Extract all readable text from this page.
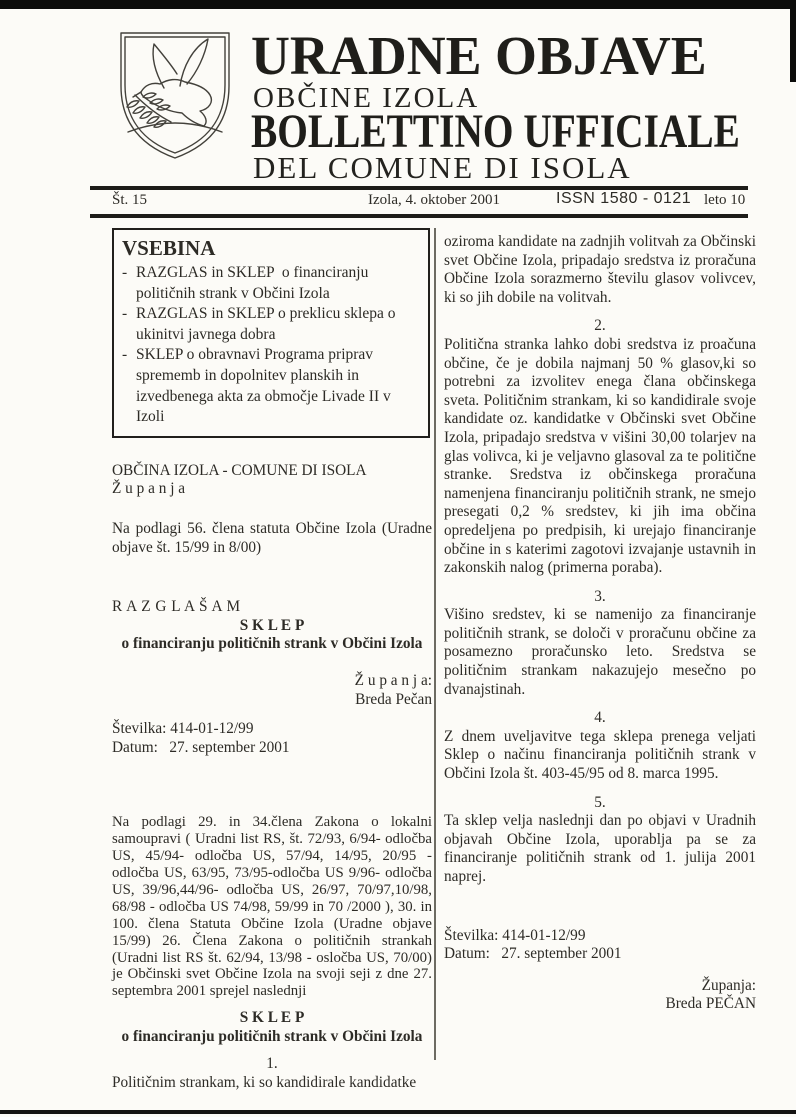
URADNE OBJAVE
OBČINE IZOLA
BOLLETTINO UFFICIALE
DEL COMUNE DI ISOLA
Št. 15	Izola, 4. oktober 2001	ISSN 1580 - 0121 leto 10
VSEBINA
- RAZGLAS in SKLEP  o financiranju političnih strank v Občini Izola
- RAZGLAS in SKLEP o preklicu sklepa o ukinitvi javnega dobra
- SKLEP o obravnavi Programa priprav sprememb in dopolnitev planskih in izvedbenega akta za območje Livade II v Izoli

OBČINA IZOLA - COMUNE DI ISOLA

Ž u p a n j a

Na podlagi 56. člena statuta Občine Izola (Uradne objave št. 15/99 in 8/00)

R A Z G L A Š A M

S K L E P

o financiranju političnih strank v Občini Izola

Ž u p a n j a:

Breda Pečan

Številka: 414-01-12/99

Datum:   27. september 2001

Na podlagi 29. in 34.člena Zakona o lokalni samoupravi ( Uradni list RS, št. 72/93, 6/94- odločba US, 45/94- odločba US, 57/94, 14/95, 20/95 - odločba US, 63/95, 73/95-odločba US 9/96- odločba US, 39/96,44/96- odločba US, 26/97, 70/97,10/98, 68/98 - odločba US 74/98, 59/99 in 70 /2000 ), 30. in 100. člena Statuta Občine Izola (Uradne objave 15/99) 26. Člena Zakona o političnih strankah (Uradni list RS št. 62/94, 13/98 - osločba US, 70/00) je Občinski svet Občine Izola na svoji seji z dne 27. septembra 2001 sprejel naslednji

S K L E P

o financiranju političnih strank v Občini Izola

1.

Političnim strankam, ki so kandidirale kandidatke

oziroma kandidate na zadnjih volitvah za Občinski svet Občine Izola, pripadajo sredstva iz proračuna Občine Izola sorazmerno številu glasov volivcev, ki so jih dobile na volitvah.

2.

Politična stranka lahko dobi sredstva iz proačuna občine, če je dobila najmanj 50 % glasov,ki so potrebni za izvolitev enega člana občinskega sveta. Političnim strankam, ki so kandidirale svoje kandidate oz. kandidatke v Občinski svet Občine Izola, pripadajo sredstva v višini 30,00 tolarjev na glas volivca, ki je veljavno glasoval za te politične stranke. Sredstva iz občinskega proračuna namenjena financiranju političnih strank, ne smejo presegati 0,2 % sredstev, ki jih ima občina opredeljena po predpisih, ki urejajo financiranje občine in s katerimi zagotovi izvajanje ustavnih in zakonskih nalog (primerna poraba).

3.

Višino sredstev, ki se namenijo za financiranje političnih strank, se določi v proračunu občine za posamezno proračunsko leto. Sredstva se političnim strankam nakazujejo mesečno po dvanajstinah.

4.

Z dnem uveljavitve tega sklepa prenega veljati Sklep o načinu financiranja političnih strank v Občini Izola št. 403-45/95 od 8. marca 1995.

5.

Ta sklep velja naslednji dan po objavi v Uradnih objavah Občine Izola, uporablja pa se za financiranje političnih strank od 1. julija 2001 naprej.

Številka: 414-01-12/99

Datum:   27. september 2001

Županja:

Breda PEČAN
